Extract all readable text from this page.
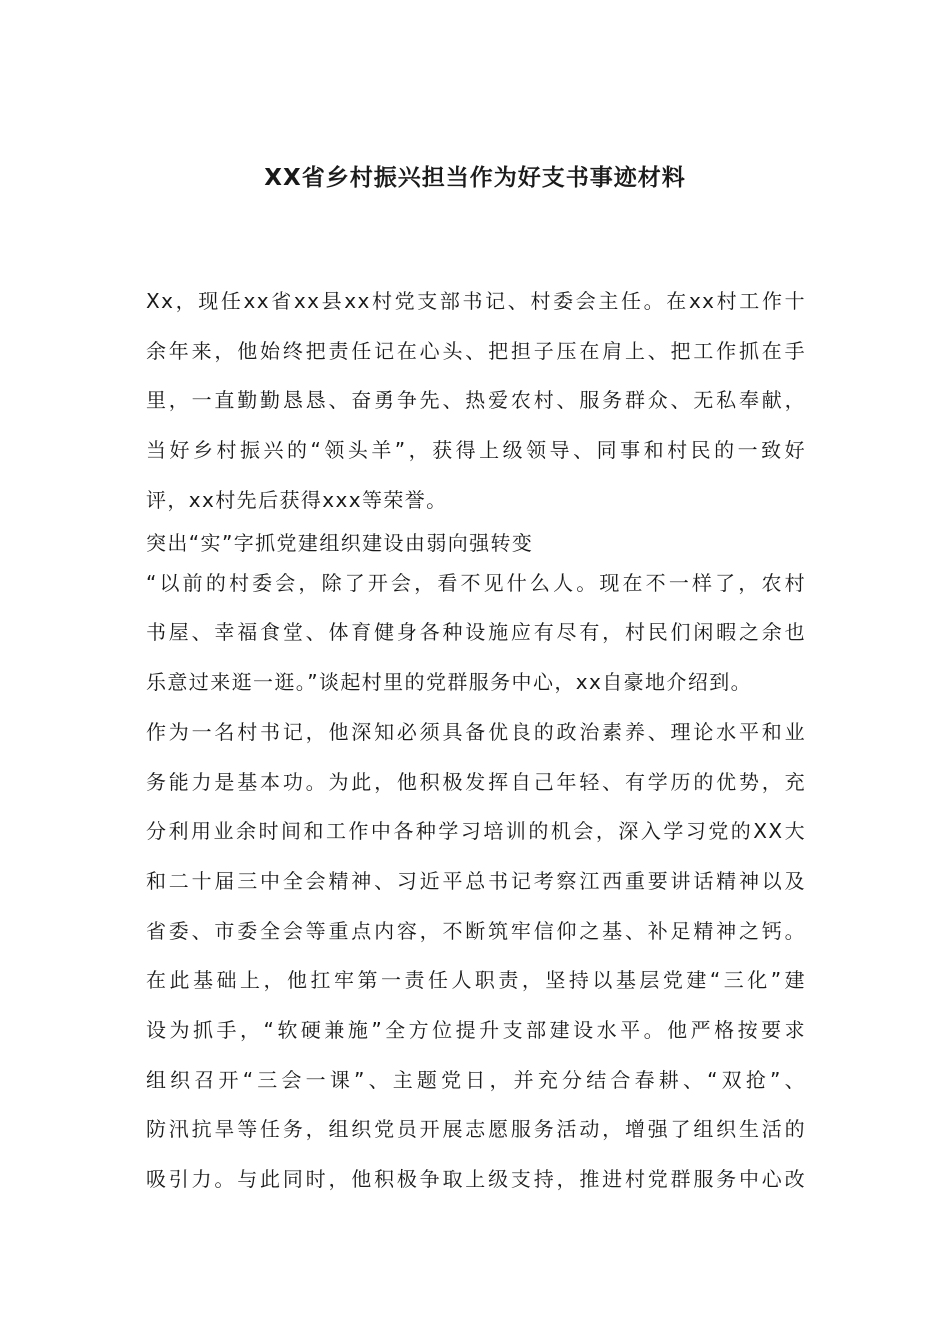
XX省乡村振兴担当作为好支书事迹材料
Xx，现任xx省xx县xx村党支部书记、村委会主任。在xx村工作十
余年来，他始终把责任记在心头、把担子压在肩上、把工作抓在手
里，一直勤勤恳恳、奋勇争先、热爱农村、服务群众、无私奉献，
当好乡村振兴的“领头羊”，获得上级领导、同事和村民的一致好
评，xx村先后获得xxx等荣誉。
突出“实”字抓党建组织建设由弱向强转变
“以前的村委会，除了开会，看不见什么人。现在不一样了，农村
书屋、幸福食堂、体育健身各种设施应有尽有，村民们闲暇之余也
乐意过来逛一逛。”谈起村里的党群服务中心，xx自豪地介绍到。
作为一名村书记，他深知必须具备优良的政治素养、理论水平和业
务能力是基本功。为此，他积极发挥自己年轻、有学历的优势，充
分利用业余时间和工作中各种学习培训的机会，深入学习党的XX大
和二十届三中全会精神、习近平总书记考察江西重要讲话精神以及
省委、市委全会等重点内容，不断筑牢信仰之基、补足精神之钙。
在此基础上，他扛牢第一责任人职责，坚持以基层党建“三化”建
设为抓手，“软硬兼施”全方位提升支部建设水平。他严格按要求
组织召开“三会一课”、主题党日，并充分结合春耕、“双抢”、
防汛抗旱等任务，组织党员开展志愿服务活动，增强了组织生活的
吸引力。与此同时，他积极争取上级支持，推进村党群服务中心改
